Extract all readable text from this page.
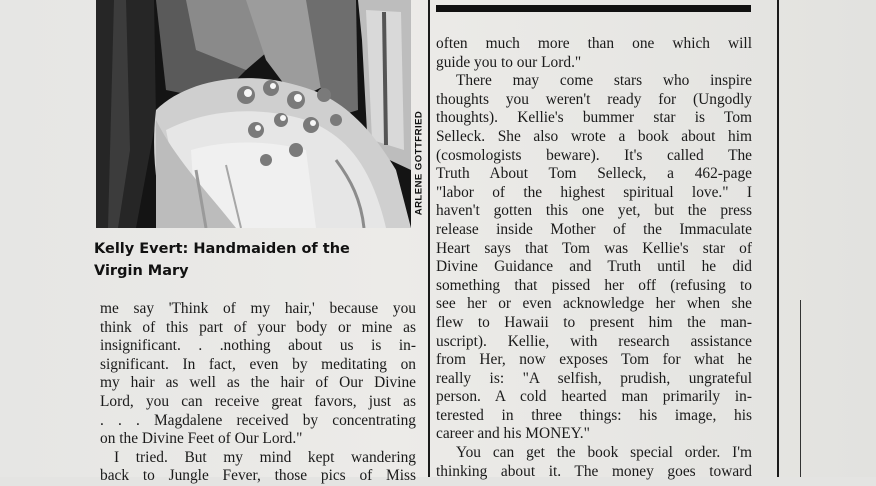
ARLENE GOTTFRIED
Kelly Evert: Handmaiden of the
Virgin Mary
me say 'Think of my hair,' because you
think of this part of your body or mine as
insignificant. . .nothing about us is in-
significant. In fact, even by meditating on
my hair as well as the hair of Our Divine
Lord, you can receive great favors, just as
. . . Magdalene received by concentrating
on the Divine Feet of Our Lord."
I tried. But my mind kept wandering
back to Jungle Fever, those pics of Miss
often much more than one which will
guide you to our Lord."
There may come stars who inspire
thoughts you weren't ready for (Ungodly
thoughts). Kellie's bummer star is Tom
Selleck. She also wrote a book about him
(cosmologists beware). It's called The
Truth About Tom Selleck, a 462-page
"labor of the highest spiritual love." I
haven't gotten this one yet, but the press
release inside Mother of the Immaculate
Heart says that Tom was Kellie's star of
Divine Guidance and Truth until he did
something that pissed her off (refusing to
see her or even acknowledge her when she
flew to Hawaii to present him the man-
uscript). Kellie, with research assistance
from Her, now exposes Tom for what he
really is: "A selfish, prudish, ungrateful
person. A cold hearted man primarily in-
terested in three things: his image, his
career and his MONEY."
You can get the book special order. I'm
thinking about it. The money goes toward
